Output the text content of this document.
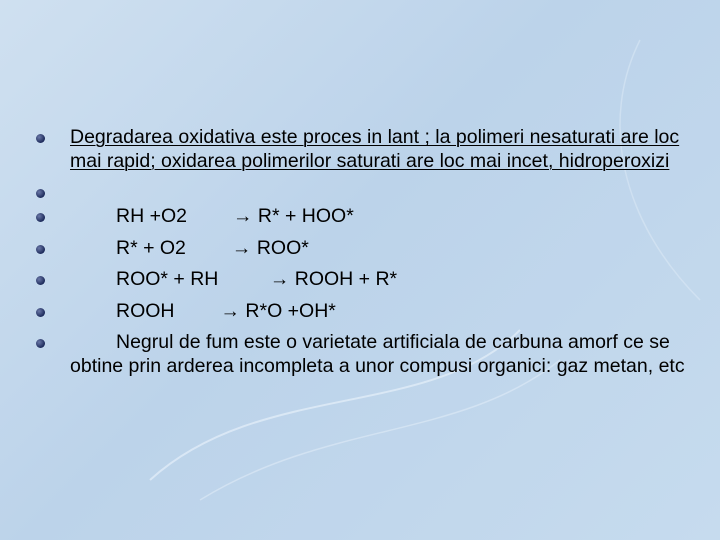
Degradarea oxidativa este proces in lant ; la polimeri nesaturati are loc mai rapid; oxidarea polimerilor saturati are loc mai incet, hidroperoxizi
RH +O2 → R* + HOO*
R* + O2 → ROO*
ROO* + RH → ROOH + R*
ROOH → R*O +OH*
Negrul de fum este o varietate artificiala de carbuna amorf ce se obtine prin arderea incompleta a unor compusi organici: gaz metan, etc
